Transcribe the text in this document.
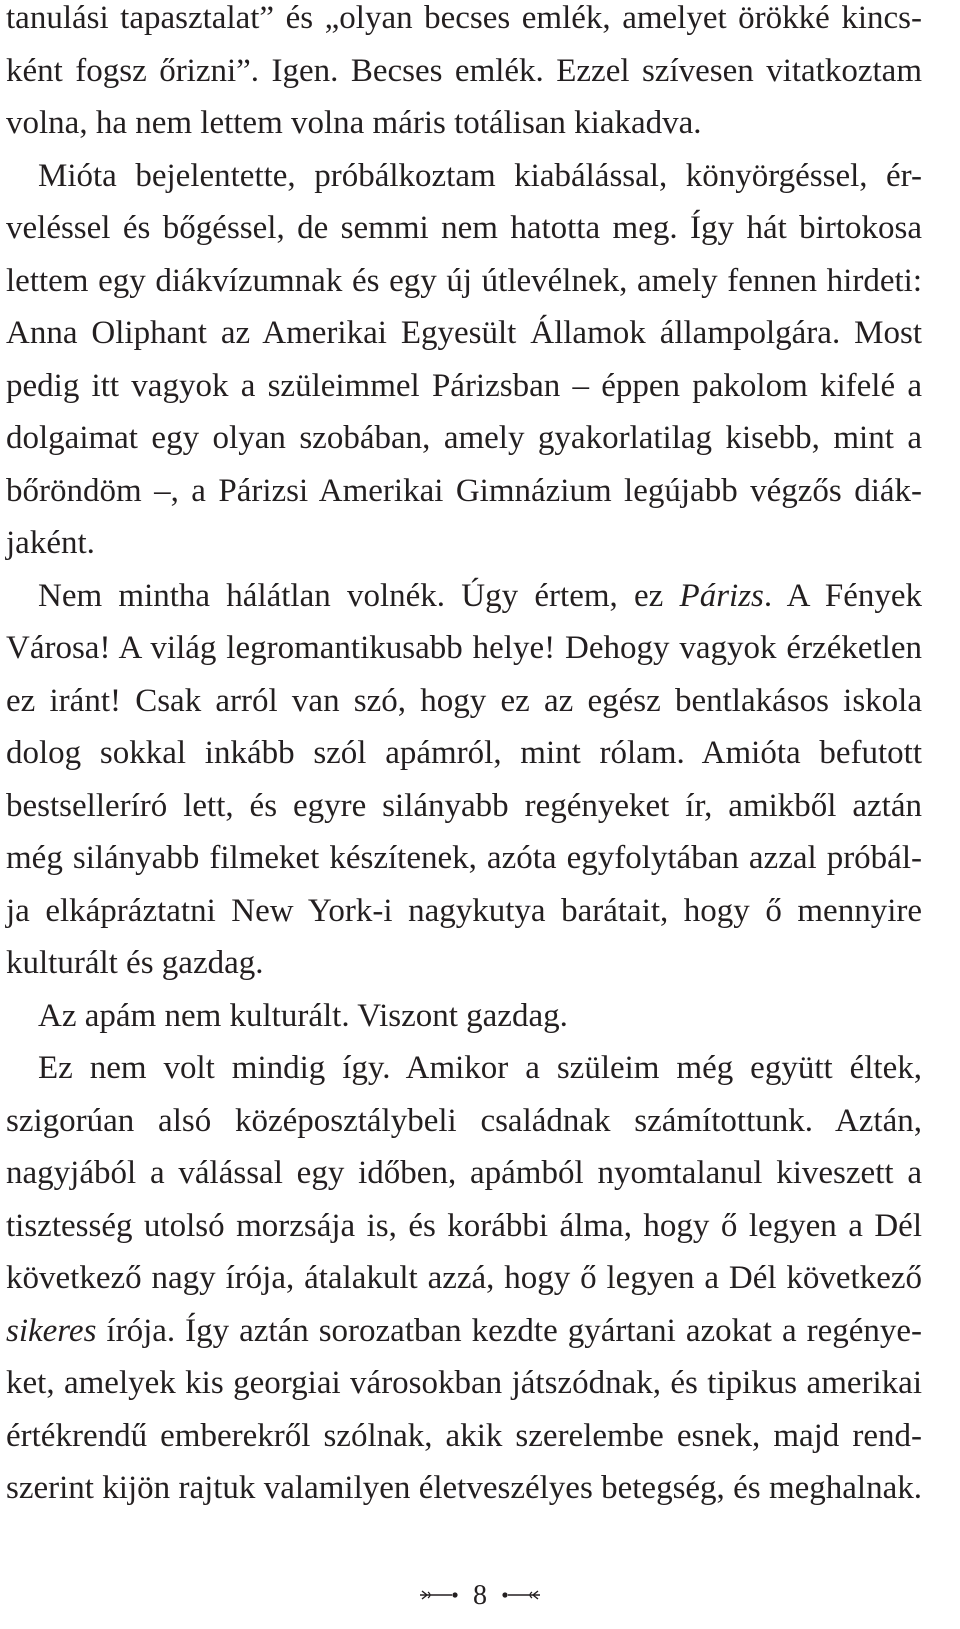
tanulási tapasztalat” és „olyan becses emlék, amelyet örökké kincs-
ként fogsz őrizni”. Igen. Becses emlék. Ezzel szívesen vitatkoztam
volna, ha nem lettem volna máris totálisan kiakadva.
Mióta bejelentette, próbálkoztam kiabálással, könyörgéssel, ér-
veléssel és bőgéssel, de semmi nem hatotta meg. Így hát birtokosa
lettem egy diákvízumnak és egy új útlevélnek, amely fennen hirdeti:
Anna Oliphant az Amerikai Egyesült Államok állampolgára. Most
pedig itt vagyok a szüleimmel Párizsban – éppen pakolom kifelé a
dolgaimat egy olyan szobában, amely gyakorlatilag kisebb, mint a
bőröndöm –, a Párizsi Amerikai Gimnázium legújabb végzős diák-
jaként.
Nem mintha hálátlan volnék. Úgy értem, ez Párizs. A Fények
Városa! A világ legromantikusabb helye! Dehogy vagyok érzéketlen
ez iránt! Csak arról van szó, hogy ez az egész bentlakásos iskola
dolog sokkal inkább szól apámról, mint rólam. Amióta befutott
bestselleríró lett, és egyre silányabb regényeket ír, amikből aztán
még silányabb filmeket készítenek, azóta egyfolytában azzal próbál-
ja elkápráztatni New York-i nagykutya barátait, hogy ő mennyire
kulturált és gazdag.
Az apám nem kulturált. Viszont gazdag.
Ez nem volt mindig így. Amikor a szüleim még együtt éltek,
szigorúan alsó középosztálybeli családnak számítottunk. Aztán,
nagyjából a válással egy időben, apámból nyomtalanul kiveszett a
tisztesség utolsó morzsája is, és korábbi álma, hogy ő legyen a Dél
következő nagy írója, átalakult azzá, hogy ő legyen a Dél következő
sikeres írója. Így aztán sorozatban kezdte gyártani azokat a regénye-
ket, amelyek kis georgiai városokban játszódnak, és tipikus amerikai
értékrendű emberekről szólnak, akik szerelembe esnek, majd rend-
szerint kijön rajtuk valamilyen életveszélyes betegség, és meghalnak.
8
